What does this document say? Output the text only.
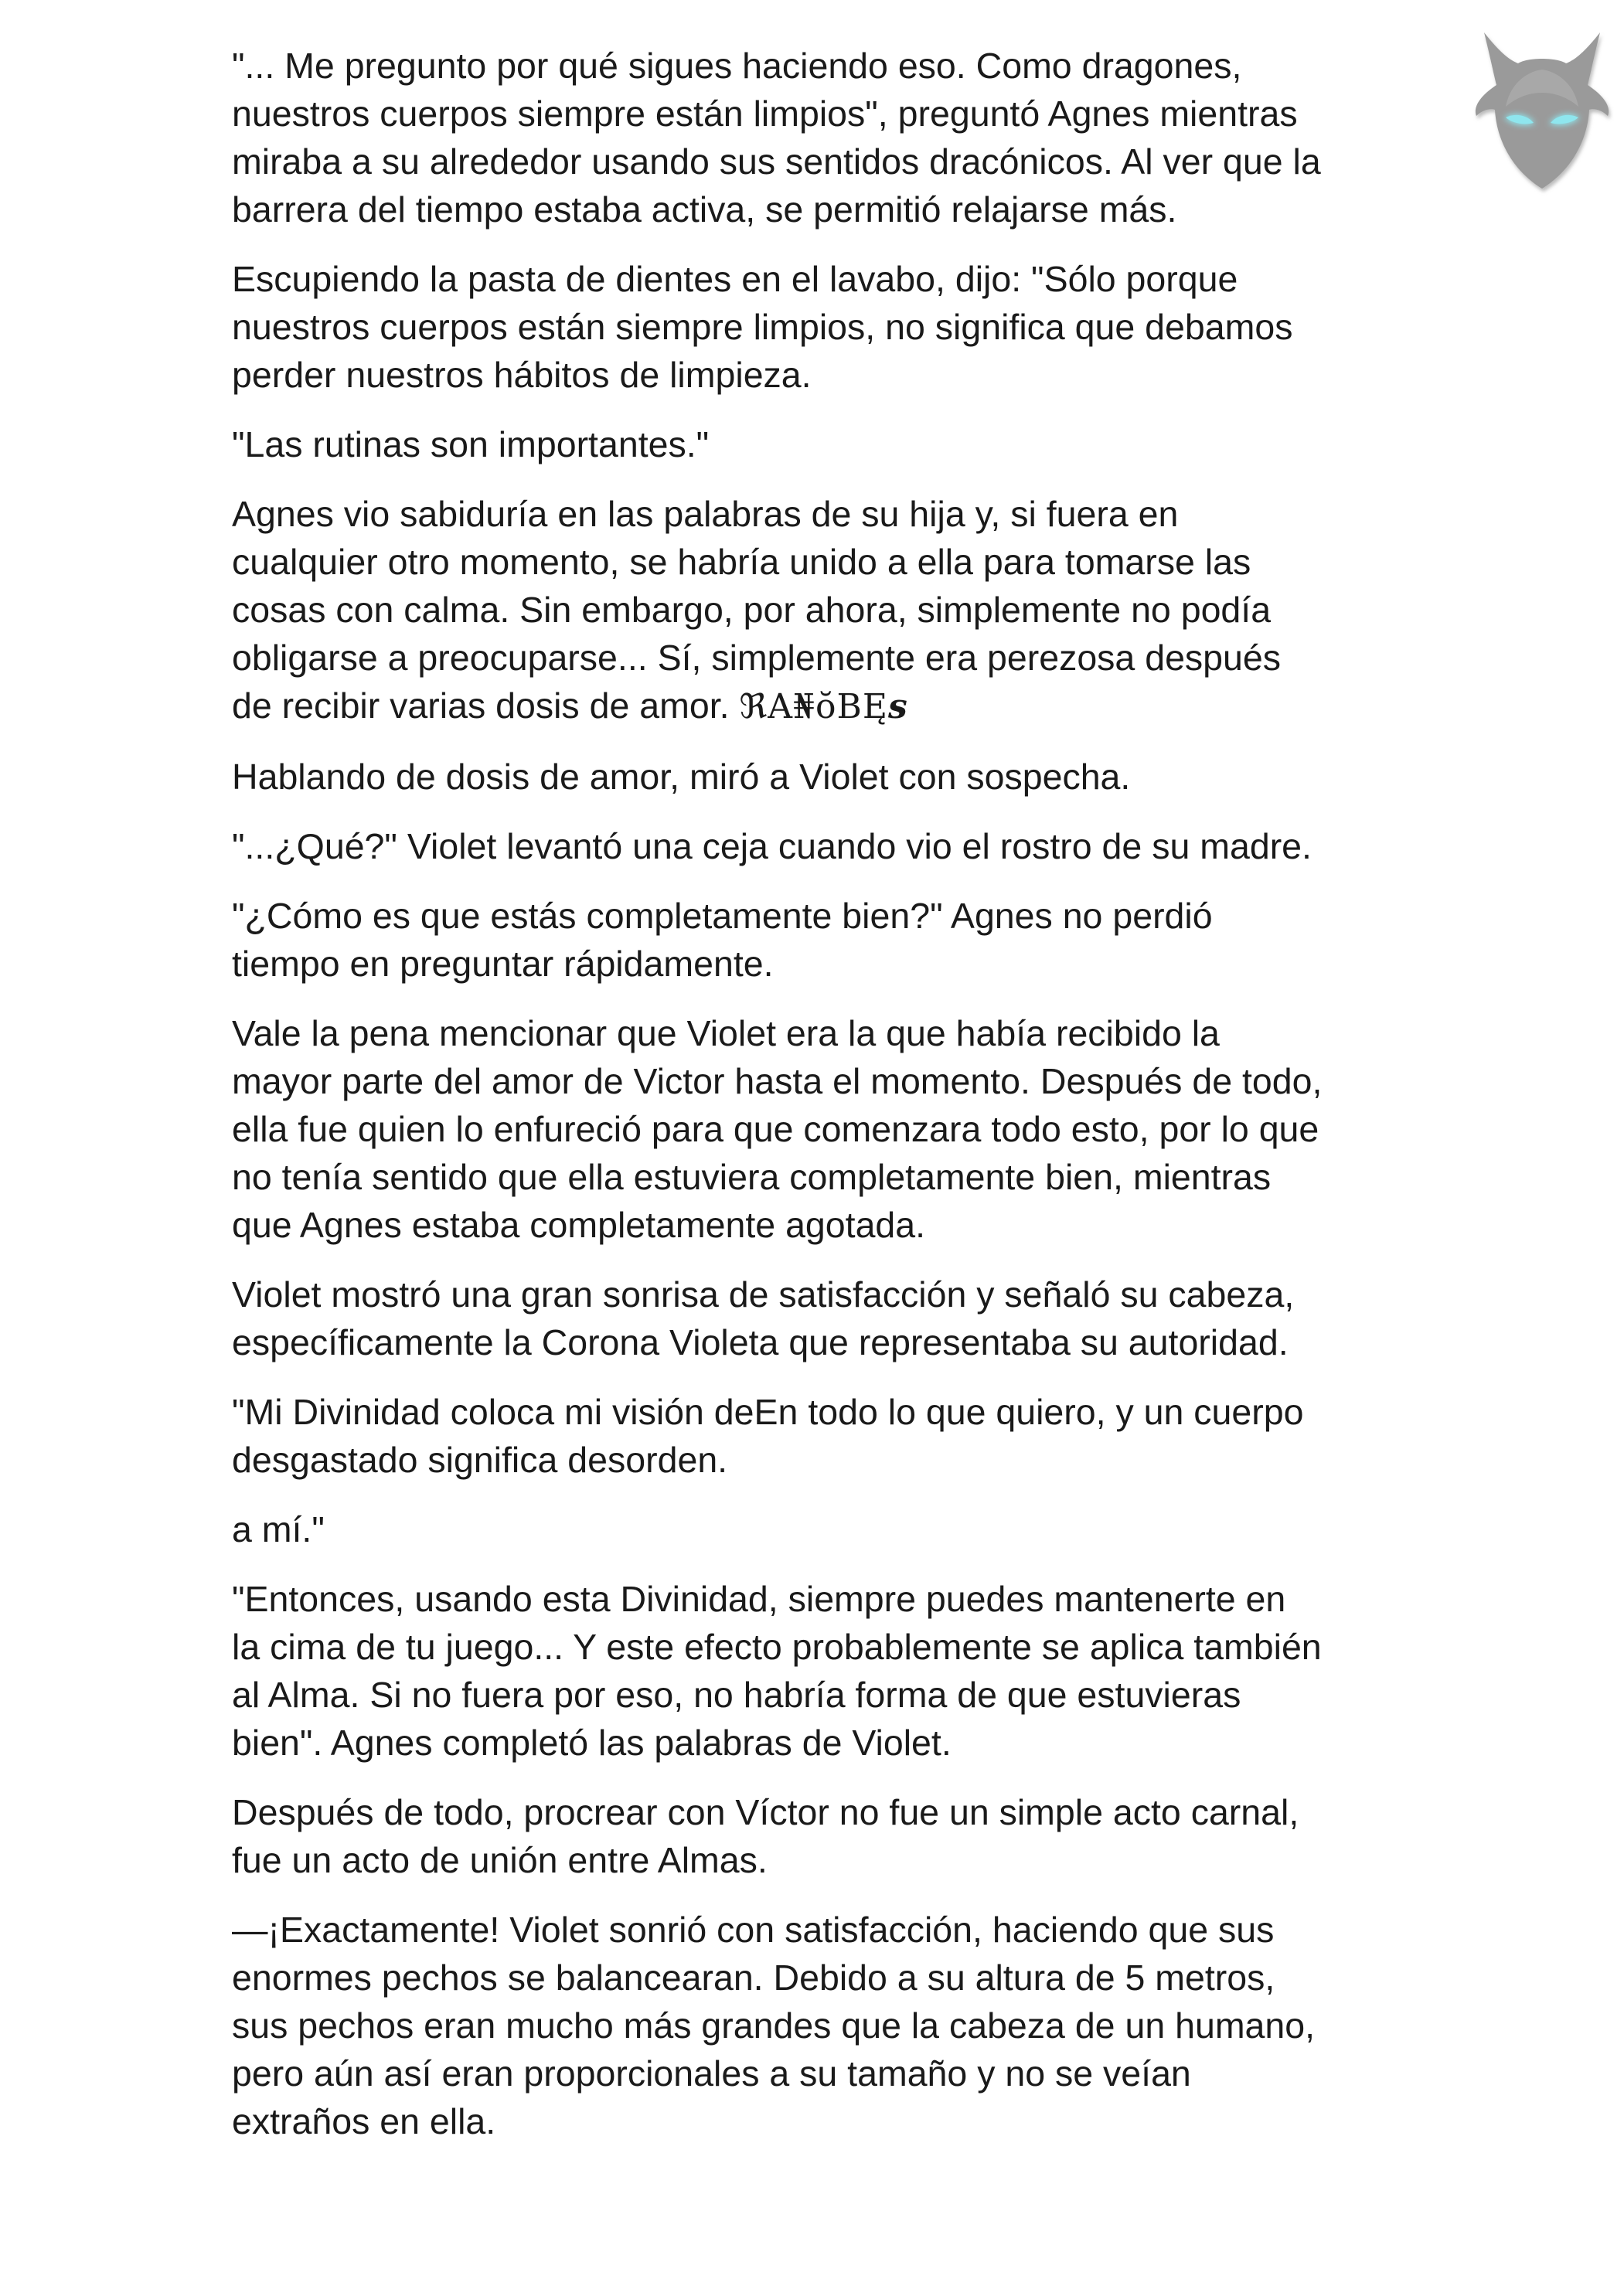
"... Me pregunto por qué sigues haciendo eso. Como dragones,
nuestros cuerpos siempre están limpios", preguntó Agnes mientras
miraba a su alrededor usando sus sentidos dracónicos. Al ver que la
barrera del tiempo estaba activa, se permitió relajarse más.

Escupiendo la pasta de dientes en el lavabo, dijo: "Sólo porque
nuestros cuerpos están siempre limpios, no significa que debamos
perder nuestros hábitos de limpieza.

"Las rutinas son importantes."

Agnes vio sabiduría en las palabras de su hija y, si fuera en
cualquier otro momento, se habría unido a ella para tomarse las
cosas con calma. Sin embargo, por ahora, simplemente no podía
obligarse a preocuparse... Sí, simplemente era perezosa después
de recibir varias dosis de amor. ℜA₦ŏBĘs

Hablando de dosis de amor, miró a Violet con sospecha.

"...¿Qué?" Violet levantó una ceja cuando vio el rostro de su madre.

"¿Cómo es que estás completamente bien?" Agnes no perdió
tiempo en preguntar rápidamente.

Vale la pena mencionar que Violet era la que había recibido la
mayor parte del amor de Victor hasta el momento. Después de todo,
ella fue quien lo enfureció para que comenzara todo esto, por lo que
no tenía sentido que ella estuviera completamente bien, mientras
que Agnes estaba completamente agotada.

Violet mostró una gran sonrisa de satisfacción y señaló su cabeza,
específicamente la Corona Violeta que representaba su autoridad.

"Mi Divinidad coloca mi visión deEn todo lo que quiero, y un cuerpo
desgastado significa desorden.

a mí."

"Entonces, usando esta Divinidad, siempre puedes mantenerte en
la cima de tu juego... Y este efecto probablemente se aplica también
al Alma. Si no fuera por eso, no habría forma de que estuvieras
bien". Agnes completó las palabras de Violet.

Después de todo, procrear con Víctor no fue un simple acto carnal,
fue un acto de unión entre Almas.

—¡Exactamente! Violet sonrió con satisfacción, haciendo que sus
enormes pechos se balancearan. Debido a su altura de 5 metros,
sus pechos eran mucho más grandes que la cabeza de un humano,
pero aún así eran proporcionales a su tamaño y no se veían
extraños en ella.
